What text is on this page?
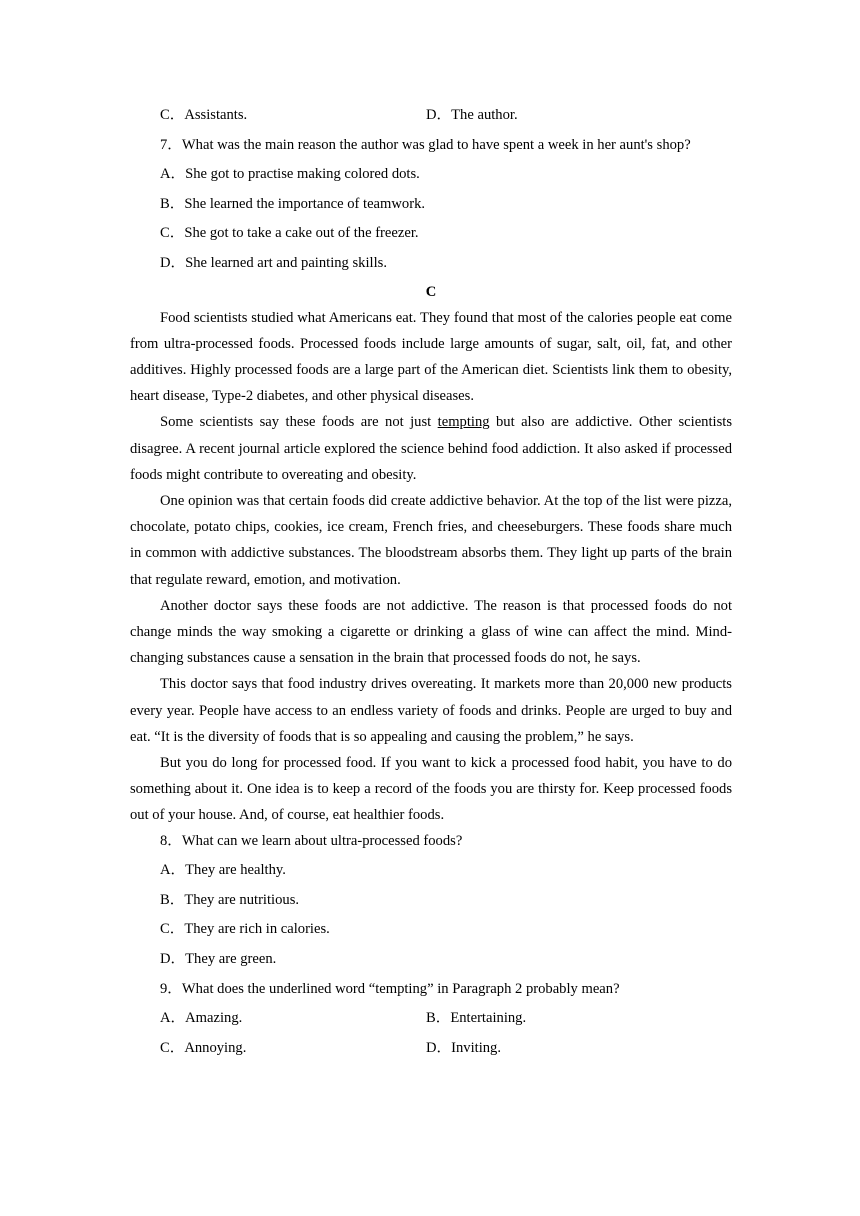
C．Assistants.	D．The author.
7．What was the main reason the author was glad to have spent a week in her aunt's shop?
A．She got to practise making colored dots.
B．She learned the importance of teamwork.
C．She got to take a cake out of the freezer.
D．She learned art and painting skills.
C

Food scientists studied what Americans eat. They found that most of the calories people eat come from ultra-processed foods. Processed foods include large amounts of sugar, salt, oil, fat, and other additives. Highly processed foods are a large part of the American diet. Scientists link them to obesity, heart disease, Type-2 diabetes, and other physical diseases.

Some scientists say these foods are not just tempting but also are addictive. Other scientists disagree. A recent journal article explored the science behind food addiction. It also asked if processed foods might contribute to overeating and obesity.

One opinion was that certain foods did create addictive behavior. At the top of the list were pizza, chocolate, potato chips, cookies, ice cream, French fries, and cheeseburgers. These foods share much in common with addictive substances. The bloodstream absorbs them. They light up parts of the brain that regulate reward, emotion, and motivation.

Another doctor says these foods are not addictive. The reason is that processed foods do not change minds the way smoking a cigarette or drinking a glass of wine can affect the mind. Mind-changing substances cause a sensation in the brain that processed foods do not, he says.

This doctor says that food industry drives overeating. It markets more than 20,000 new products every year. People have access to an endless variety of foods and drinks. People are urged to buy and eat. “It is the diversity of foods that is so appealing and causing the problem,” he says.

But you do long for processed food. If you want to kick a processed food habit, you have to do something about it. One idea is to keep a record of the foods you are thirsty for. Keep processed foods out of your house. And, of course, eat healthier foods.

8．What can we learn about ultra-processed foods?
A．They are healthy.
B．They are nutritious.
C．They are rich in calories.
D．They are green.
9．What does the underlined word “tempting” in Paragraph 2 probably mean?
A．Amazing.	B．Entertaining.
C．Annoying.	D．Inviting.
